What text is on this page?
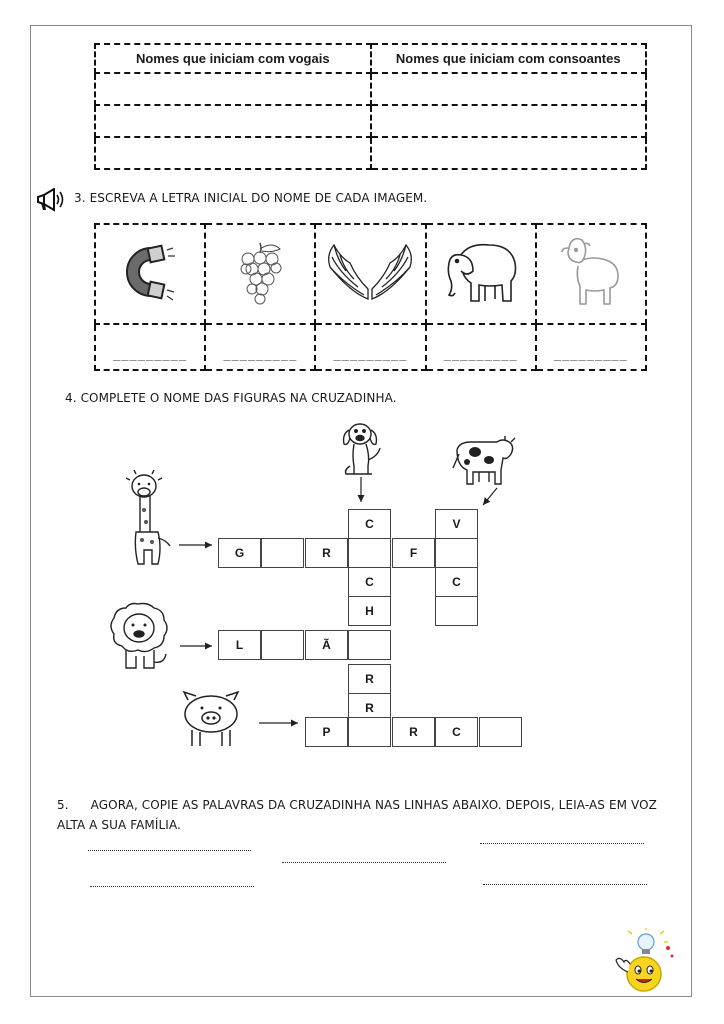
Nomes que iniciam com vogais	Nomes que iniciam com consoantes

3. ESCREVA A LETRA INICIAL DO NOME DE CADA IMAGEM.

_________	_________	_________	_________	_________
4. COMPLETE O NOME DAS FIGURAS NA CRUZADINHA.
C	V
G	R	F
C	C
H
L	Ã
R
R
P	R	C
5. AGORA, COPIE AS PALAVRAS DA CRUZADINHA NAS LINHAS ABAIXO. DEPOIS, LEIA-AS EM VOZ ALTA A SUA FAMÍLIA.
